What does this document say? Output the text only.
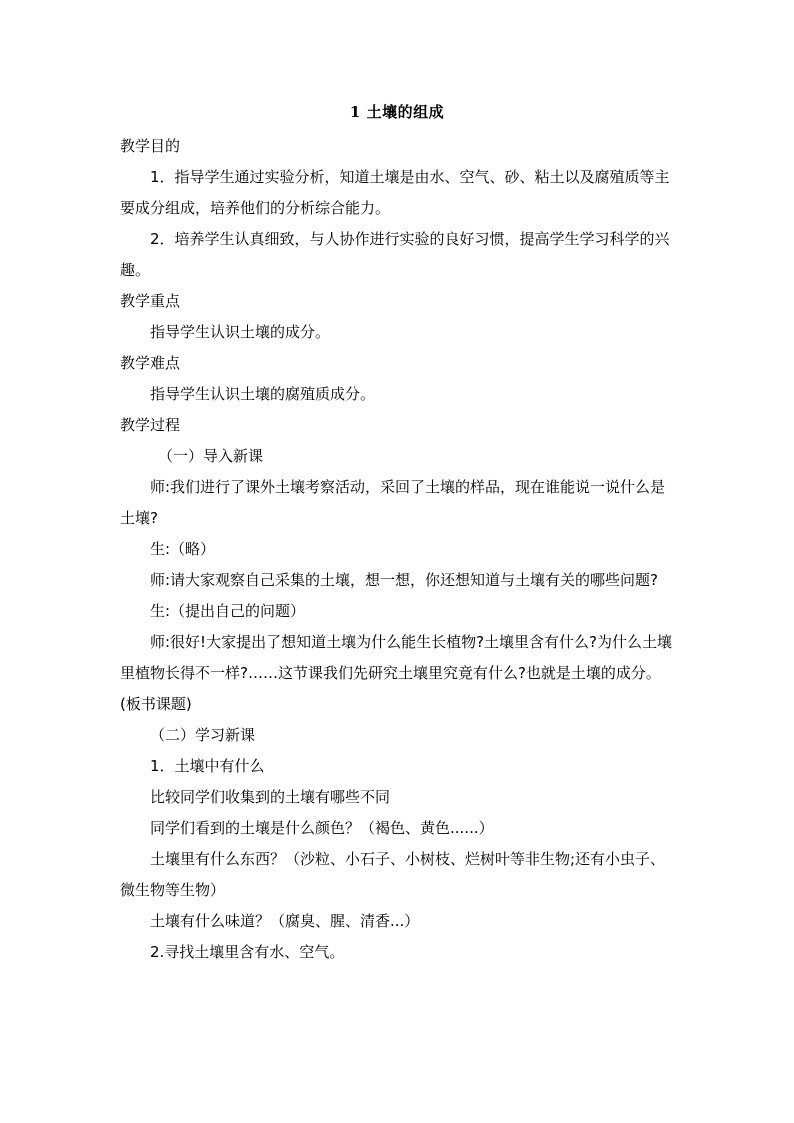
1 土壤的组成

教学目的

1．指导学生通过实验分析，知道土壤是由水、空气、砂、粘土以及腐殖质等主要成分组成，培养他们的分析综合能力。

2．培养学生认真细致，与人协作进行实验的良好习惯，提高学生学习科学的兴趣。

教学重点

指导学生认识土壤的成分。

教学难点

指导学生认识土壤的腐殖质成分。

教学过程

（一）导入新课

师:我们进行了课外土壤考察活动，采回了土壤的样品，现在谁能说一说什么是土壤?

生:（略）

师:请大家观察自己采集的土壤，想一想，你还想知道与土壤有关的哪些问题?

生:（提出自己的问题）

师:很好!大家提出了想知道土壤为什么能生长植物?土壤里含有什么?为什么土壤里植物长得不一样?……这节课我们先研究土壤里究竟有什么?也就是土壤的成分。(板书课题)

（二）学习新课

1．土壤中有什么

比较同学们收集到的土壤有哪些不同

同学们看到的土壤是什么颜色？（褐色、黄色......）

土壤里有什么东西？（沙粒、小石子、小树枝、烂树叶等非生物;还有小虫子、微生物等生物）

土壤有什么味道？（腐臭、腥、清香...）

2.寻找土壤里含有水、空气。
